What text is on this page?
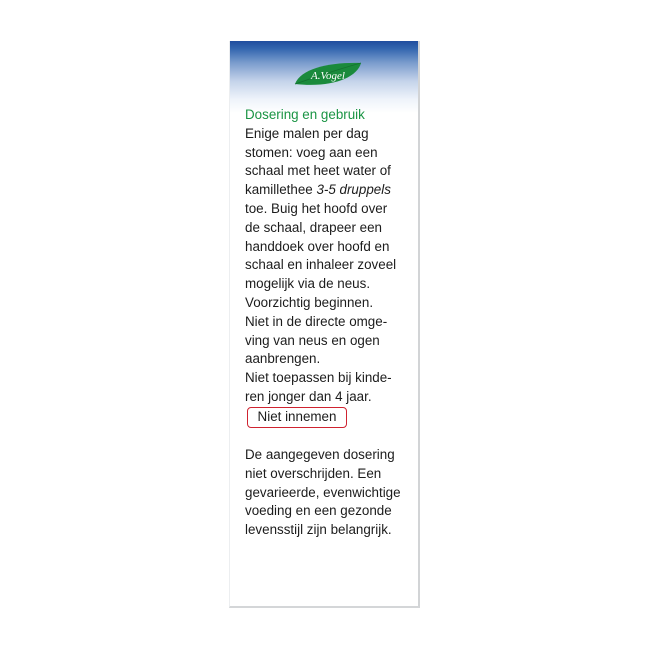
A.Vogel
Dosering en gebruik
Enige malen per dag
stomen: voeg aan een
schaal met heet water of
kamillethee 3-5 druppels
toe. Buig het hoofd over
de schaal, drapeer een
handdoek over hoofd en
schaal en inhaleer zoveel
mogelijk via de neus.
Voorzichtig beginnen.
Niet in de directe omge-
ving van neus en ogen
aanbrengen.
Niet toepassen bij kinde-
ren jonger dan 4 jaar.
Niet innemen
De aangegeven dosering
niet overschrijden. Een
gevarieerde, evenwichtige
voeding en een gezonde
levensstijl zijn belangrijk.
